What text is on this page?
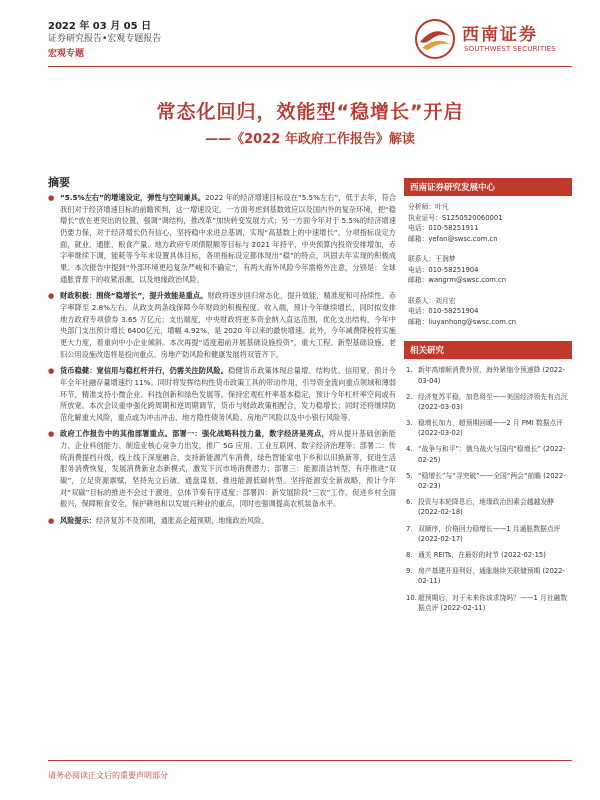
2022 年 03 月 05 日
证券研究报告•宏观专题报告
宏观专题
西南证券
SOUTHWEST SECURITIES
常态化回归，效能型“稳增长”开启
——《2022 年政府工作报告》解读
摘要

● “5.5%左右”的增速设定，弹性与空间兼具。2022 年的经济增速目标设在“5.5%左右”，低于去年，符合我们对于经济增速目标的前瞻预判，这一增速设定，一方面考虑到基数效应以及国内外的复杂环境，把“稳增长”放在更突出的位置，强调“调结构，推改革”加快转变发展方式；另一方面今年对于 5.5%的经济增速仍要力保，对于经济增长仍有信心，坚持稳中求进总基调，实现“高基数上的中速增长”。分项指标设定方面，就业、通胀、粮食产量、地方政府专项债限额等目标与 2021 年持平，中央预算内投资安排增加，赤字率继续下调，能耗等今年未设置具体目标，各项指标设定都体现出“稳”的特点，巩固去年实现的积极成果。本次报告中提到“外部环境更趋复杂严峻和不确定”，有两大海外风险今年需格外注意，分别是：全球通胀背景下的收紧浪潮，以及地缘政治风险。

● 财政积极：围绕“稳增长”，提升效能是重点。财政将逐步回归常态化，提升效能，精准度和可持续性。赤字率降至 2.8%左右，从政支两条线保障今年财政的积极程度。收入端，预计今年继续增长，同时拟安排地方政府专项债券 3.65 万亿元；支出端度，中央财政将更多资金纳入直达范围，优化支出结构，今年中央部门支出预计增长 6400亿元，增幅 4.92%，是 2020 年以来的最快增速。此外，今年减费降税将实施更大力度，着重向中小企业倾斜。本次再提“适度超前开展基础设施投资”，重大工程、新型基础设施、老旧公用设施改造将是投向重点。房地产防风险和健康发展将双管齐下。

● 货币稳健：宽信用与稳杠杆并行，仍需关注防风险。稳健货币政策体现总量增、结构优、信用宽，预计今年全年社融存量增速约 11%。同时将发挥结构性货币政策工具的带动作用，引导资金流向重点领域和薄弱环节，精准支持小微企业、科技创新和绿色发展等。保持宏观杠杆率基本稳定，预计今年杠杆率空间或有所放宽。本次会议重申强化跨周期和逆周期调节，货币与财政政策相配合，发力稳增长；同时还将继续防范化解重大风险，重点或为冲击冲击、地方隐性债务风险、房地产风险以及中小银行风险等。

● 政府工作报告中的其他部署重点。部署一：强化战略科技力量，数字经济是亮点，将从提升基础创新能力、企业科创能力、制造业核心竞争力出发，推广 5G 应用、工业互联网、数字经济治理等；部署二：传统消费提档升级，线上线下深度融合，支持新能源汽车消费，绿色智能家电下乡和以旧换新等，促进生活服务消费恢复，发展消费新业态新模式，激发下沉市场消费潜力；部署三：能源清洁转型，有序推进“双碳”，立足资源禀赋，坚持先立后破、通盘谋划，推进能源低碳转型。坚持能源安全新战略，预计今年对“双碳”目标的推进不会过于激进，总体节奏有序适度；部署四：新发展阶段“三农”工作，促进乡村全面振兴，保障粮食安全，保护耕地和以发展兴种业的重点，同时也强调提高农机装备水平。

● 风险提示：经济复苏不及预期，通胀高企超预期，地缘政治风险。

西南证券研究发展中心
分析师：叶凡
执业证号：S1250520060001
电话：010-58251911
邮箱：yefan@swsc.com.cn
联系人：王润梦
电话：010-58251904
邮箱：wangrm@swsc.com.cn
联系人：刘月宏
电话：010-58251904
邮箱：liuyanhong@swsc.com.cn
相关研究
1. 新年高增顺消费外贸，海外紧缩令预速降 (2022-03-04)
2. 经济复苏平稳，加息将至——美国经济领先有点沉 (2022-03-03)
3. 稳增长加力，超预期回暖——2 月 PMI 数据点评 (2022-03-02)
4. “战争与和平”：俄乌战火与国内“稳增长” (2022-02-25)
5. “稳增长”与“寻突破”——全国“两会”前瞻 (2022-02-23)
6. 投资与本轮降息后，地缘政治因素会越越发酵 (2022-02-18)
7. 双顺序，价格回力稳增长——1 月通胀数据点评 (2022-02-17)
8. 通关 REITs，在最好的时节 (2022-02-15)
9. 房产基建开迎利好，通胀继续关联储预期 (2022-02-11)
10. 超预期后，对于未来你该求饶吗？——1 月社融数据点评 (2022-02-11)
请务必阅读正文后的重要声明部分
